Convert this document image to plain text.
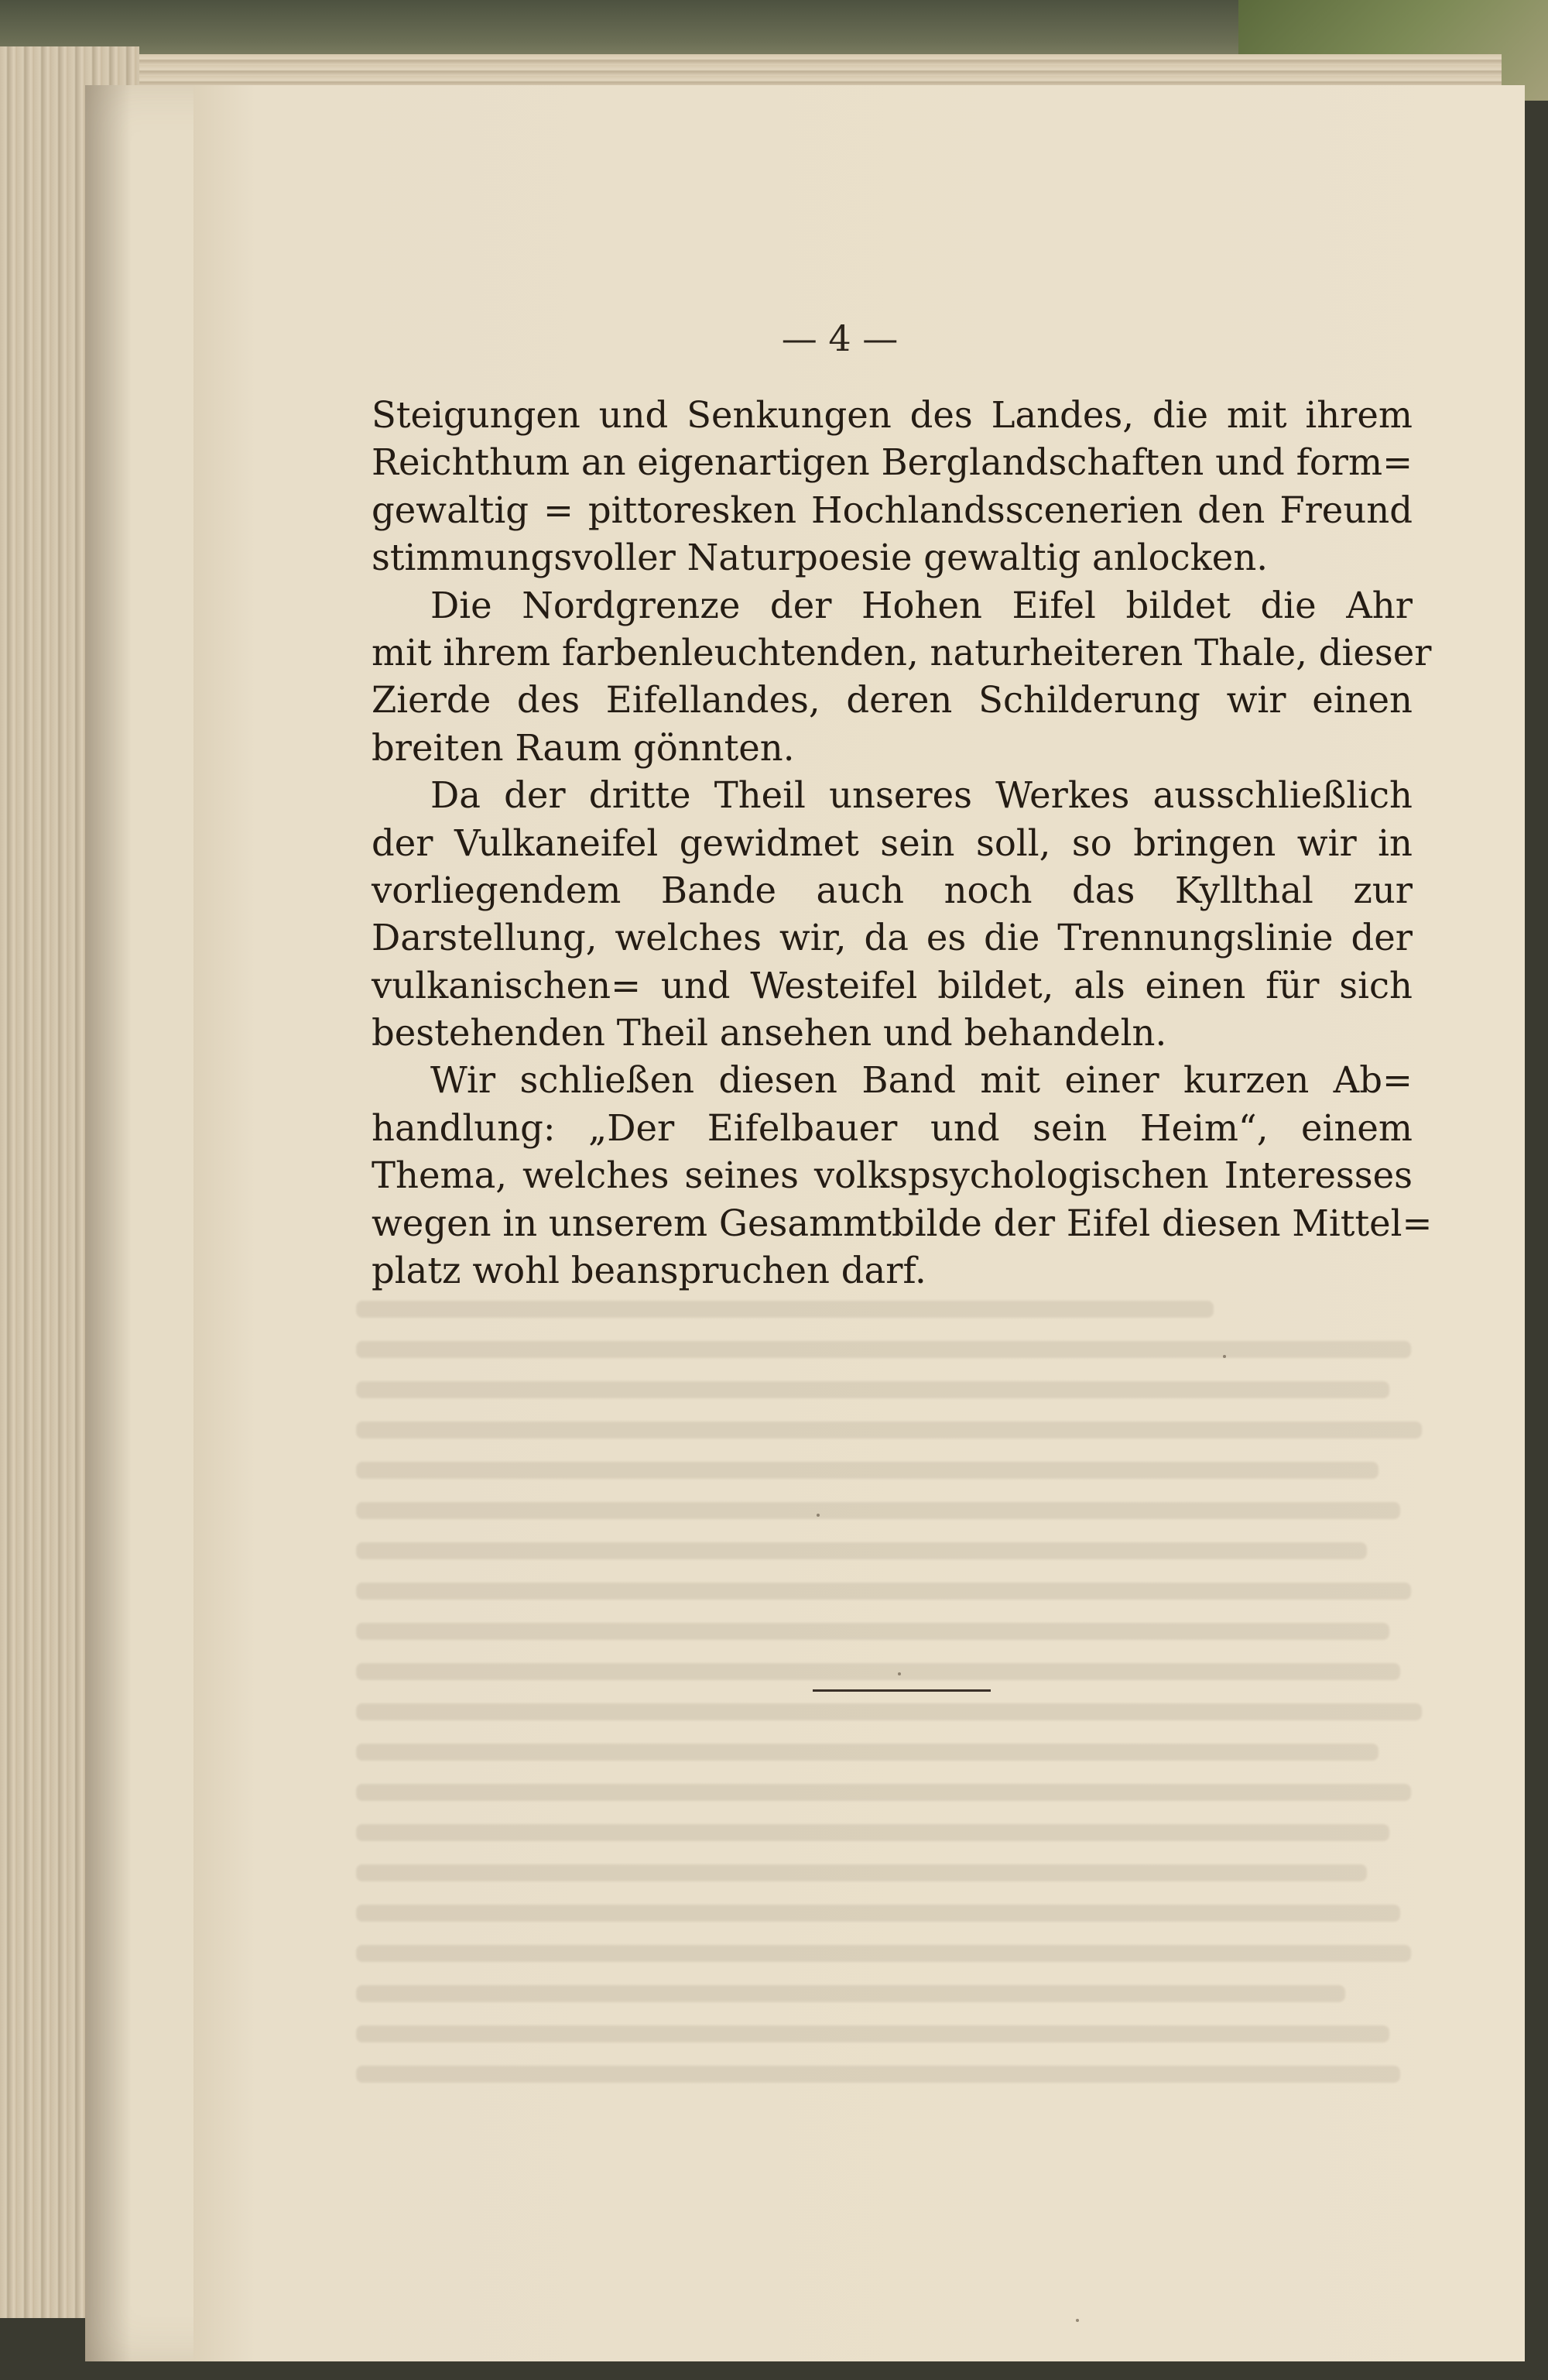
— 4 —
Steigungen und Senkungen des Landes, die mit ihrem
Reichthum an eigenartigen Berglandschaften und form=
gewaltig = pittoresken Hochlandsscenerien den Freund
stimmungsvoller Naturpoesie gewaltig anlocken.
Die Nordgrenze der Hohen Eifel bildet die Ahr
mit ihrem farbenleuchtenden, naturheiteren Thale, dieser
Zierde des Eifellandes, deren Schilderung wir einen
breiten Raum gönnten.
Da der dritte Theil unseres Werkes ausschließlich
der Vulkaneifel gewidmet sein soll, so bringen wir in
vorliegendem Bande auch noch das Kyllthal zur
Darstellung, welches wir, da es die Trennungslinie der
vulkanischen= und Westeifel bildet, als einen für sich
bestehenden Theil ansehen und behandeln.
Wir schließen diesen Band mit einer kurzen Ab=
handlung: „Der Eifelbauer und sein Heim“, einem
Thema, welches seines volkspsychologischen Interesses
wegen in unserem Gesammtbilde der Eifel diesen Mittel=
platz wohl beanspruchen darf.
